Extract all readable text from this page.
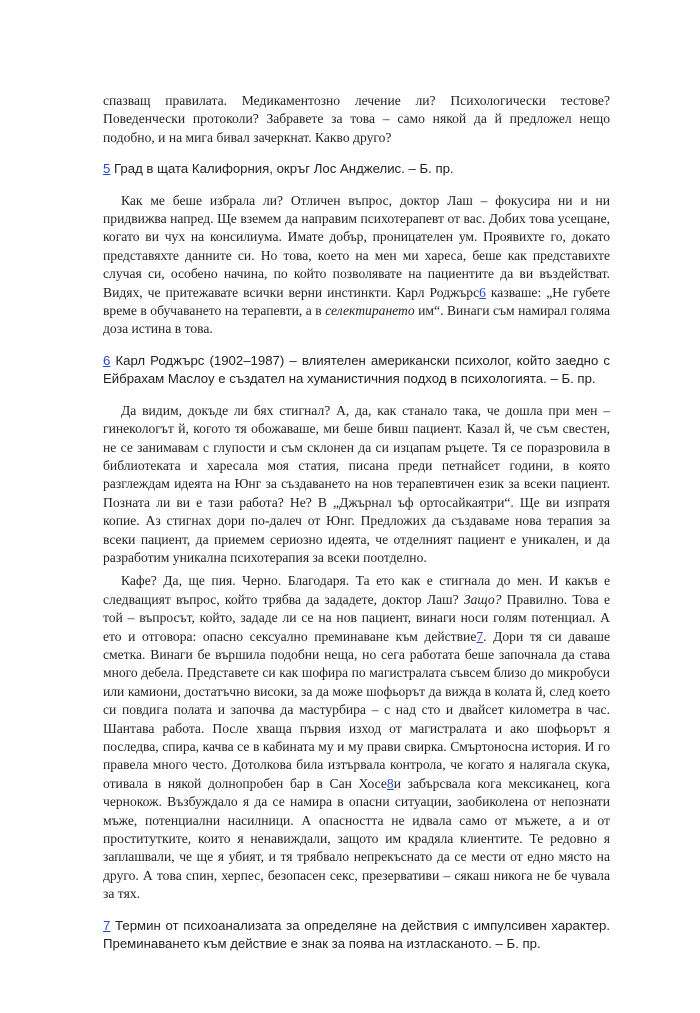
спазващ правилата. Медикаментозно лечение ли? Психологически тестове? Поведенчески протоколи? Забравете за това – само някой да й предложел нещо подобно, и на мига бивал зачеркнат. Какво друго?

5 Град в щата Калифорния, окръг Лос Анджелис. – Б. пр.

Как ме беше избрала ли? Отличен въпрос, доктор Лаш – фокусира ни и ни придвижва напред. Ще вземем да направим психотерапевт от вас. Добих това усещане, когато ви чух на консилиума. Имате добър, проницателен ум. Проявихте го, докато представяхте данните си. Но това, което на мен ми хареса, беше как представихте случая си, особено начина, по който позволявате на пациентите да ви въздействат. Видях, че притежавате всички верни инстинкти. Карл Роджърс6 казваше: „Не губете време в обучаването на терапевти, а в селектирането им“. Винаги съм намирал голяма доза истина в това.

6 Карл Роджърс (1902–1987) – влиятелен американски психолог, който заедно с Ейбрахам Маслоу е създател на хуманистичния подход в психологията. – Б. пр.

Да видим, докъде ли бях стигнал? А, да, как станало така, че дошла при мен – гинекологът й, когото тя обожаваше, ми беше бивш пациент. Казал й, че съм свестен, не се занимавам с глупости и съм склонен да си изцапам ръцете. Тя се поразровила в библиотеката и харесала моя статия, писана преди петнайсет години, в която разглеждам идеята на Юнг за създаването на нов терапевтичен език за всеки пациент. Позната ли ви е тази работа? Не? В „Джърнал ъф ортосайкаятри“. Ще ви изпратя копие. Аз стигнах дори по-далеч от Юнг. Предложих да създаваме нова терапия за всеки пациент, да приемем сериозно идеята, че отделният пациент е уникален, и да разработим уникална психотерапия за всеки поотделно.

Кафе? Да, ще пия. Черно. Благодаря. Та ето как е стигнала до мен. И какъв е следващият въпрос, който трябва да зададете, доктор Лаш? Защо? Правилно. Това е той – въпросът, който, зададе ли се на нов пациент, винаги носи голям потенциал. А ето и отговора: опасно сексуално преминаване към действие7. Дори тя си даваше сметка. Винаги бе вършила подобни неща, но сега работата беше започнала да става много дебела. Представете си как шофира по магистралата съвсем близо до микробуси или камиони, достатъчно високи, за да може шофьорът да вижда в колата й, след което си повдига полата и започва да мастурбира – с над сто и двайсет километра в час. Шантава работа. После хваща първия изход от магистралата и ако шофьорът я последва, спира, качва се в кабината му и му прави свирка. Смъртоносна история. И го правела много често. Дотолкова била изтървала контрола, че когато я налягала скука, отивала в някой долнопробен бар в Сан Хосе8и забърсвала кога мексиканец, кога чернокож. Възбуждало я да се намира в опасни ситуации, заобиколена от непознати мъже, потенциални насилници. А опасността не идвала само от мъжете, а и от проститутките, които я ненавиждали, защото им крадяла клиентите. Те редовно я заплашвали, че ще я убият, и тя трябвало непрекъснато да се мести от едно място на друго. А това спин, херпес, безопасен секс, презервативи – сякаш никога не бе чувала за тях.

7 Термин от психоанализата за определяне на действия с импулсивен характер. Преминаването към действие е знак за поява на изтласканото. – Б. пр.
